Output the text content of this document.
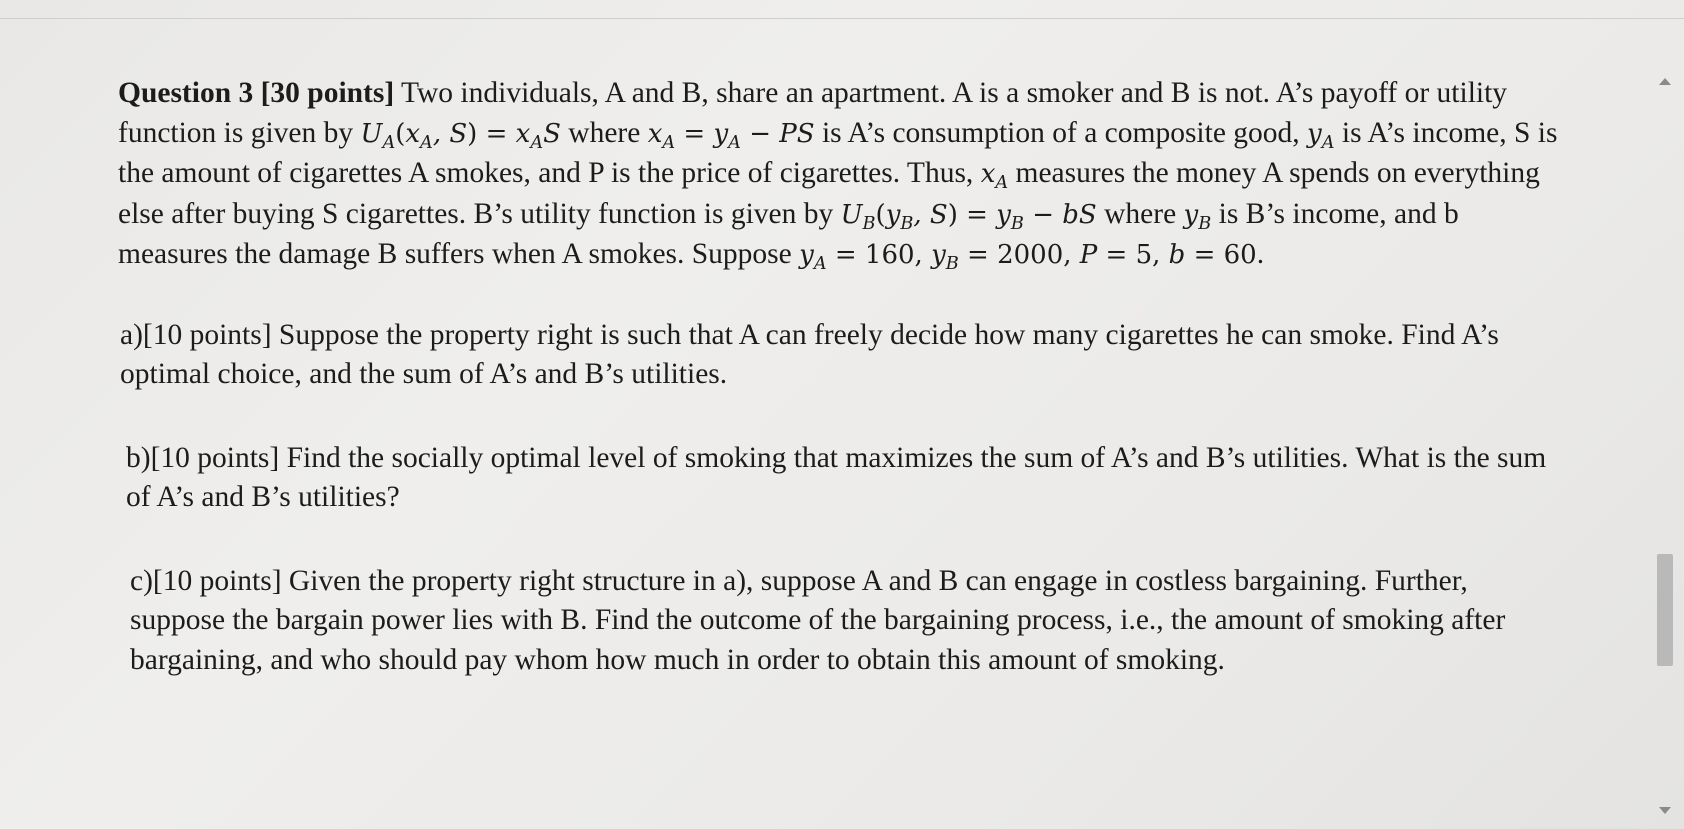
Question 3 [30 points] Two individuals, A and B, share an apartment. A is a smoker and B is not. A’s payoff or utility function is given by $U_A(x_A$, $S) = x_AS$ where $x_A = y_A$ − PS is A’s consumption of a composite good, $y_A$ is A’s income, S is the amount of cigarettes A smokes, and P is the price of cigarettes. Thus, $x_A$ measures the money A spends on everything else after buying S cigarettes. B’s utility function is given by $U_B(y_B$, $S) = y_B$ − bS where $y_B$ is B’s income, and b measures the damage B suffers when A smokes. Suppose $y_A = 160$, $y_B = 2000$, P = 5, b = 60.

a)[10 points] Suppose the property right is such that A can freely decide how many cigarettes he can smoke. Find A’s optimal choice, and the sum of A’s and B’s utilities.

b)[10 points] Find the socially optimal level of smoking that maximizes the sum of A’s and B’s utilities. What is the sum of A’s and B’s utilities?

c)[10 points] Given the property right structure in a), suppose A and B can engage in costless bargaining. Further, suppose the bargain power lies with B. Find the outcome of the bargaining process, i.e., the amount of smoking after bargaining, and who should pay whom how much in order to obtain this amount of smoking.
